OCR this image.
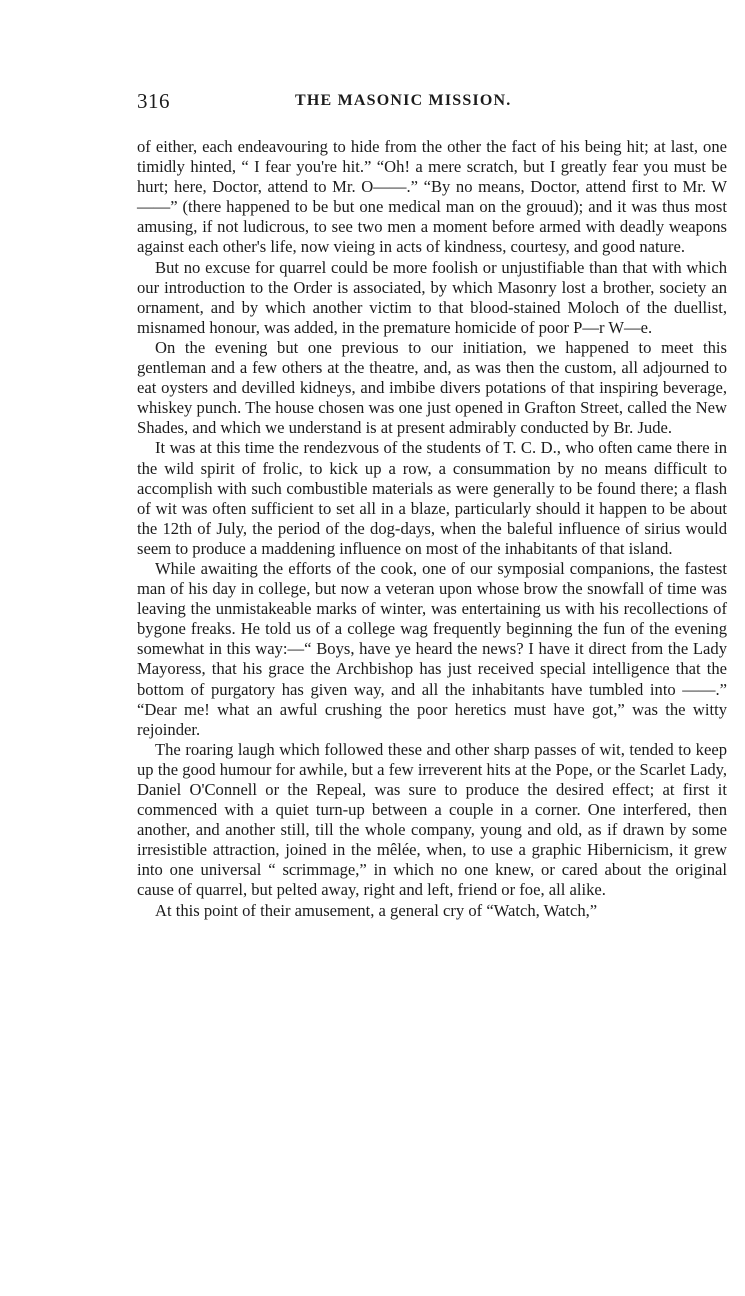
316	THE MASONIC MISSION.

of either, each endeavouring to hide from the other the fact of his being hit; at last, one timidly hinted, “ I fear you're hit.” “Oh! a mere scratch, but I greatly fear you must be hurt; here, Doctor, attend to Mr. O——.” “By no means, Doctor, attend first to Mr. W——” (there happened to be but one medical man on the grouud); and it was thus most amusing, if not ludicrous, to see two men a moment before armed with deadly weapons against each other's life, now vieing in acts of kindness, courtesy, and good nature.

But no excuse for quarrel could be more foolish or unjustifiable than that with which our introduction to the Order is associated, by which Masonry lost a brother, society an ornament, and by which another victim to that blood-stained Moloch of the duellist, misnamed honour, was added, in the premature homicide of poor P—r W—e.

On the evening but one previous to our initiation, we happened to meet this gentleman and a few others at the theatre, and, as was then the custom, all adjourned to eat oysters and devilled kidneys, and imbibe divers potations of that inspiring beverage, whiskey punch. The house chosen was one just opened in Grafton Street, called the New Shades, and which we understand is at present admirably conducted by Br. Jude.

It was at this time the rendezvous of the students of T. C. D., who often came there in the wild spirit of frolic, to kick up a row, a consummation by no means difficult to accomplish with such combustible materials as were generally to be found there; a flash of wit was often sufficient to set all in a blaze, particularly should it happen to be about the 12th of July, the period of the dog-days, when the baleful influence of sirius would seem to produce a maddening influence on most of the inhabitants of that island.

While awaiting the efforts of the cook, one of our symposial companions, the fastest man of his day in college, but now a veteran upon whose brow the snowfall of time was leaving the unmistakeable marks of winter, was entertaining us with his recollections of bygone freaks. He told us of a college wag frequently beginning the fun of the evening somewhat in this way:—“ Boys, have ye heard the news? I have it direct from the Lady Mayoress, that his grace the Archbishop has just received special intelligence that the bottom of purgatory has given way, and all the inhabitants have tumbled into ——.” “Dear me! what an awful crushing the poor heretics must have got,” was the witty rejoinder.

The roaring laugh which followed these and other sharp passes of wit, tended to keep up the good humour for awhile, but a few irreverent hits at the Pope, or the Scarlet Lady, Daniel O'Connell or the Repeal, was sure to produce the desired effect; at first it commenced with a quiet turn-up between a couple in a corner. One interfered, then another, and another still, till the whole company, young and old, as if drawn by some irresistible attraction, joined in the mêlée, when, to use a graphic Hibernicism, it grew into one universal “ scrimmage,” in which no one knew, or cared about the original cause of quarrel, but pelted away, right and left, friend or foe, all alike.

At this point of their amusement, a general cry of “Watch, Watch,”
